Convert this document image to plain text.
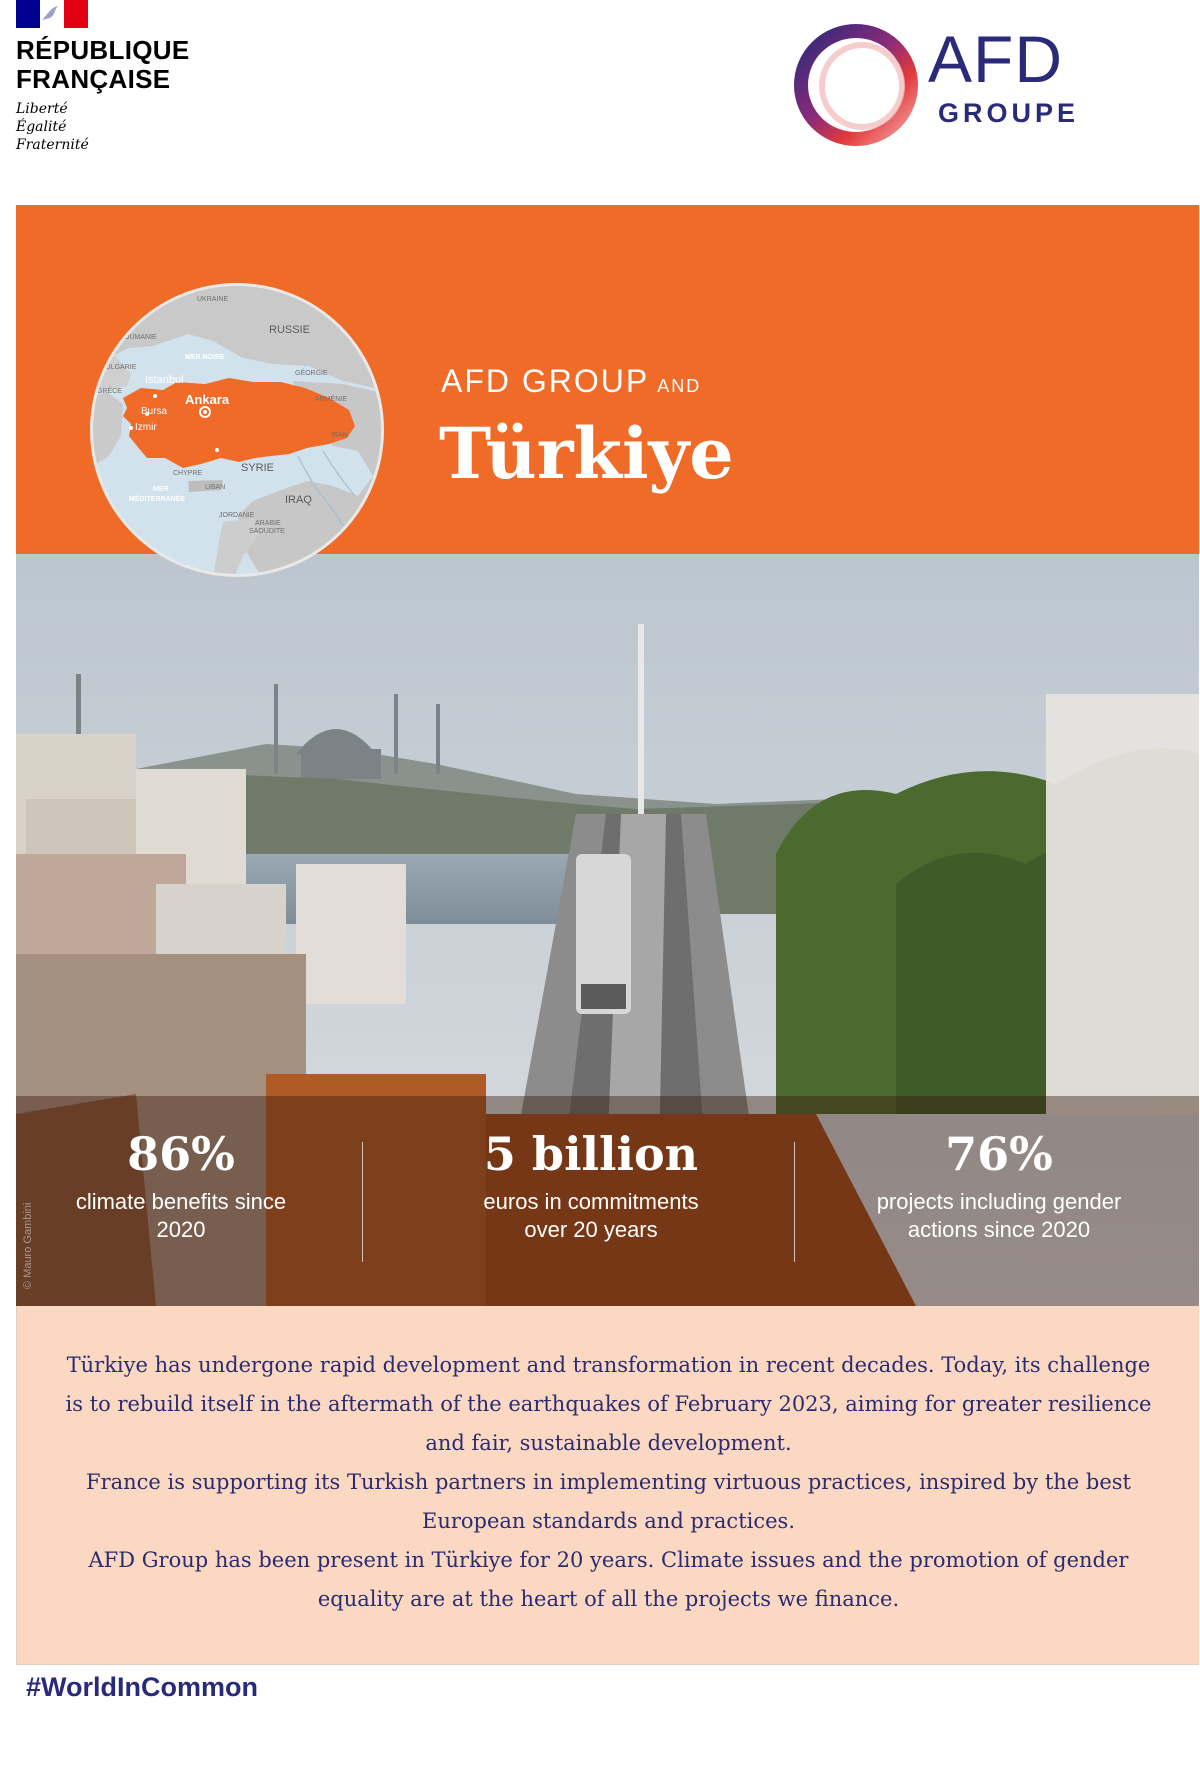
RÉPUBLIQUE
FRANÇAISE
Liberté
Égalité
Fraternité
AFD
GROUPE
UKRAINE
RUSSIE
ROUMANIE
MER NOIRE
BULGARIE
GÉORGIE
GRÈCE
ARMÉNIE
Istanbul
Ankara
Bursa
Izmir
IRAN
CHYPRE	SYRIE
MER
MÉDITERRANÉE
LIBAN
IRAQ
JORDANIE
ARABIE
SAOUDITE
AFD GROUP AND
Türkiye
© Mauro Gambini
86%
climate benefits since
2020
5 billion
euros in commitments
over 20 years
76%
projects including gender
actions since 2020

Türkiye has undergone rapid development and transformation in recent decades. Today, its challenge is to rebuild itself in the aftermath of the earthquakes of February 2023, aiming for greater resilience and fair, sustainable development.

France is supporting its Turkish partners in implementing virtuous practices, inspired by the best European standards and practices.

AFD Group has been present in Türkiye for 20 years. Climate issues and the promotion of gender equality are at the heart of all the projects we finance.

#WorldInCommon
